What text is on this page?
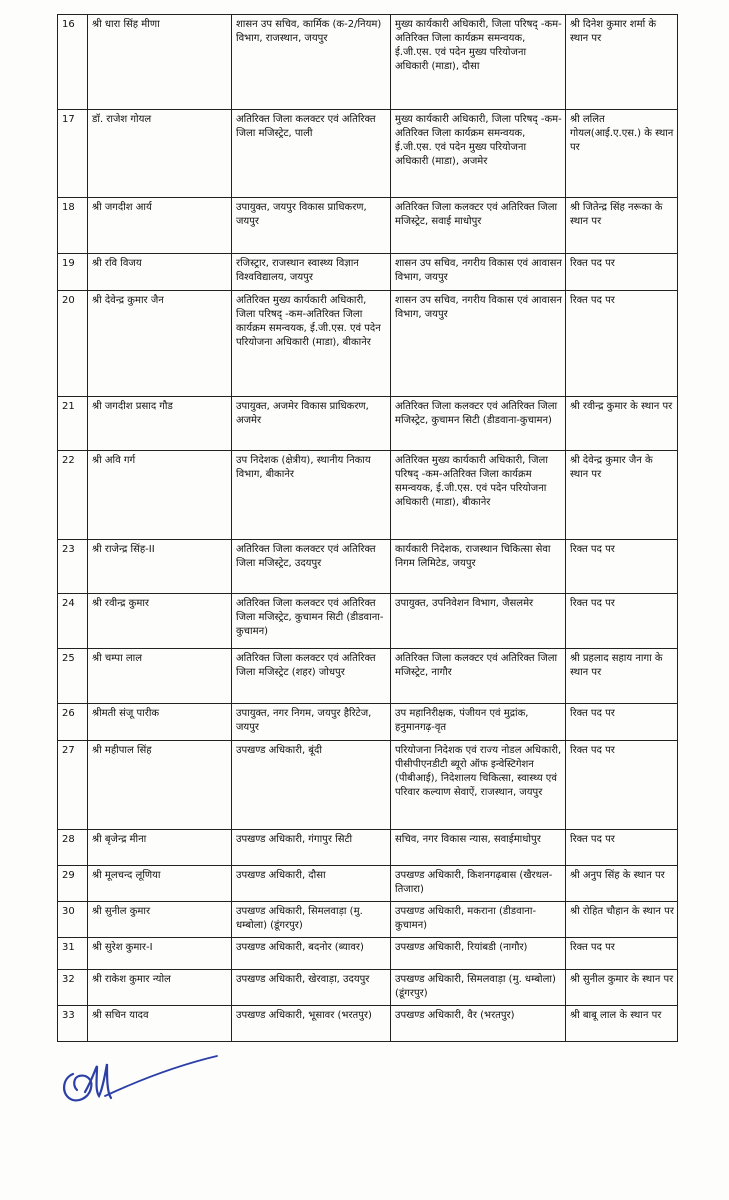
16	श्री धारा सिंह मीणा	शासन उप सचिव, कार्मिक (क-2/नियम) विभाग, राजस्थान, जयपुर	मुख्य कार्यकारी अधिकारी, जिला परिषद् -कम- अतिरिक्त जिला कार्यक्रम समन्वयक, ई.जी.एस. एवं पदेन मुख्य परियोजना अधिकारी (माडा), दौसा	श्री दिनेश कुमार शर्मा के स्थान पर
17	डॉ. राजेश गोयल	अतिरिक्त जिला कलक्टर एवं अतिरिक्त जिला मजिस्ट्रेट, पाली	मुख्य कार्यकारी अधिकारी, जिला परिषद् -कम- अतिरिक्त जिला कार्यक्रम समन्वयक, ई.जी.एस. एवं पदेन मुख्य परियोजना अधिकारी (माडा), अजमेर	श्री ललित गोयल(आई.ए.एस.) के स्थान पर
18	श्री जगदीश आर्य	उपायुक्त, जयपुर विकास प्राधिकरण, जयपुर	अतिरिक्त जिला कलक्टर एवं अतिरिक्त जिला मजिस्ट्रेट, सवाई माधोपुर	श्री जितेन्द्र सिंह नरूका के स्थान पर
19	श्री रवि विजय	रजिस्ट्रार, राजस्थान स्वास्थ्य विज्ञान विश्वविद्यालय, जयपुर	शासन उप सचिव, नगरीय विकास एवं आवासन विभाग, जयपुर	रिक्त पद पर
20	श्री देवेन्द्र कुमार जैन	अतिरिक्त मुख्य कार्यकारी अधिकारी, जिला परिषद् -कम-अतिरिक्त जिला कार्यक्रम समन्वयक, ई.जी.एस. एवं पदेन परियोजना अधिकारी (माडा), बीकानेर	शासन उप सचिव, नगरीय विकास एवं आवासन विभाग, जयपुर	रिक्त पद पर
21	श्री जगदीश प्रसाद गौड	उपायुक्त, अजमेर विकास प्राधिकरण, अजमेर	अतिरिक्त जिला कलक्टर एवं अतिरिक्त जिला मजिस्ट्रेट, कुचामन सिटी (डीडवाना-कुचामन)	श्री रवीन्द्र कुमार के स्थान पर
22	श्री अवि गर्ग	उप निदेशक (क्षेत्रीय), स्थानीय निकाय विभाग, बीकानेर	अतिरिक्त मुख्य कार्यकारी अधिकारी, जिला परिषद् -कम-अतिरिक्त जिला कार्यक्रम समन्वयक, ई.जी.एस. एवं पदेन परियोजना अधिकारी (माडा), बीकानेर	श्री देवेन्द्र कुमार जैन के स्थान पर
23	श्री राजेन्द्र सिंह-II	अतिरिक्त जिला कलक्टर एवं अतिरिक्त जिला मजिस्ट्रेट, उदयपुर	कार्यकारी निदेशक, राजस्थान चिकित्सा सेवा निगम लिमिटेड, जयपुर	रिक्त पद पर
24	श्री रवीन्द्र कुमार	अतिरिक्त जिला कलक्टर एवं अतिरिक्त जिला मजिस्ट्रेट, कुचामन सिटी (डीडवाना-कुचामन)	उपायुक्त, उपनिवेशन विभाग, जैसलमेर	रिक्त पद पर
25	श्री चम्पा लाल	अतिरिक्त जिला कलक्टर एवं अतिरिक्त जिला मजिस्ट्रेट (शहर) जोधपुर	अतिरिक्त जिला कलक्टर एवं अतिरिक्त जिला मजिस्ट्रेट, नागौर	श्री प्रहलाद सहाय नागा के स्थान पर
26	श्रीमती संजू पारीक	उपायुक्त, नगर निगम, जयपुर हैरिटेज, जयपुर	उप महानिरीक्षक, पंजीयन एवं मुद्रांक, हनुमानगढ़-वृत	रिक्त पद पर
27	श्री महीपाल सिंह	उपखण्ड अधिकारी, बूंदी	परियोजना निदेशक एवं राज्य नोडल अधिकारी, पीसीपीएनडीटी ब्यूरो ऑफ इन्वेस्टिगेशन (पीबीआई), निदेशालय चिकित्सा, स्वास्थ्य एवं परिवार कल्याण सेवाऐं, राजस्थान, जयपुर	रिक्त पद पर
28	श्री बृजेन्द्र मीना	उपखण्ड अधिकारी, गंगापुर सिटी	सचिव, नगर विकास न्यास, सवाईमाधोपुर	रिक्त पद पर
29	श्री मूलचन्द लूणिया	उपखण्ड अधिकारी, दौसा	उपखण्ड अधिकारी, किशनगढ़बास (खैरथल-तिजारा)	श्री अनुप सिंह के स्थान पर
30	श्री सुनील कुमार	उपखण्ड अधिकारी, सिमलवाड़ा (मु. धम्बोला) (डूंगरपुर)	उपखण्ड अधिकारी, मकराना (डीडवाना-कुचामन)	श्री रोहित चौहान के स्थान पर
31	श्री सुरेश कुमार-I	उपखण्ड अधिकारी, बदनोर (ब्यावर)	उपखण्ड अधिकारी, रियांबडी (नागौर)	रिक्त पद पर
32	श्री राकेश कुमार न्योल	उपखण्ड अधिकारी, खेरवाड़ा, उदयपुर	उपखण्ड अधिकारी, सिमलवाड़ा (मु. धम्बोला) (डूंगरपुर)	श्री सुनील कुमार के स्थान पर
33	श्री सचिन यादव	उपखण्ड अधिकारी, भूसावर (भरतपुर)	उपखण्ड अधिकारी, वैर (भरतपुर)	श्री बाबू लाल के स्थान पर
